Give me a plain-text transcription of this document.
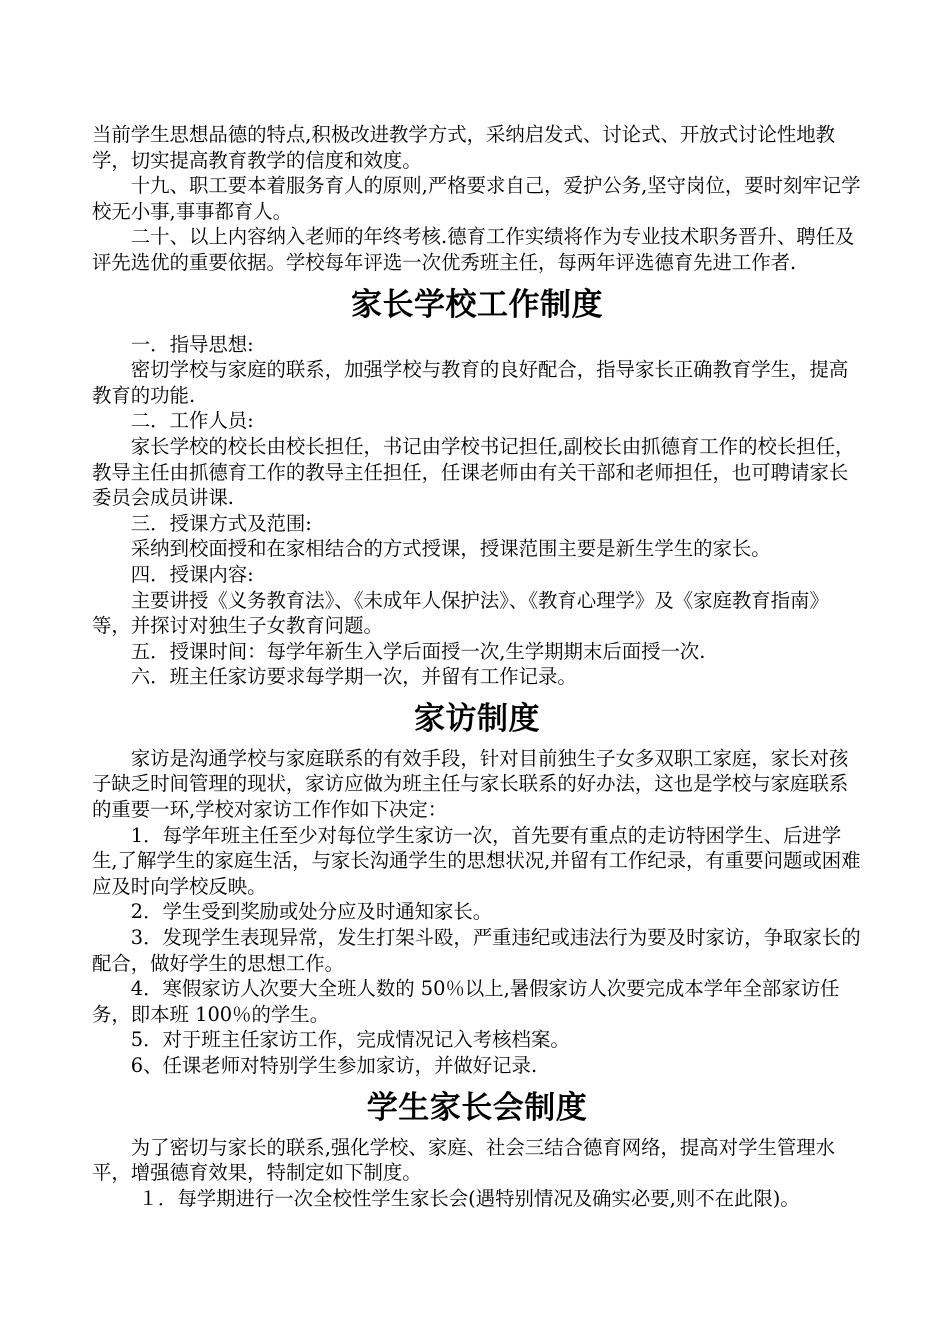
当前学生思想品德的特点,积极改进教学方式，采纳启发式、讨论式、开放式讨论性地教学，切实提高教育教学的信度和效度。

十九、职工要本着服务育人的原则,严格要求自己，爱护公务,坚守岗位，要时刻牢记学校无小事,事事都育人。

二十、以上内容纳入老师的年终考核.德育工作实绩将作为专业技术职务晋升、聘任及评先选优的重要依据。学校每年评选一次优秀班主任，每两年评选德育先进工作者.

家长学校工作制度

一．指导思想:

密切学校与家庭的联系，加强学校与教育的良好配合，指导家长正确教育学生，提高教育的功能.

二．工作人员:

家长学校的校长由校长担任，书记由学校书记担任,副校长由抓德育工作的校长担任，教导主任由抓德育工作的教导主任担任，任课老师由有关干部和老师担任，也可聘请家长委员会成员讲课.

三．授课方式及范围:

采纳到校面授和在家相结合的方式授课，授课范围主要是新生学生的家长。

四．授课内容:

主要讲授《义务教育法》、《未成年人保护法》、《教育心理学》及《家庭教育指南》等，并探讨对独生子女教育问题。

五．授课时间：每学年新生入学后面授一次,生学期期末后面授一次.

六．班主任家访要求每学期一次，并留有工作记录。

家访制度

家访是沟通学校与家庭联系的有效手段，针对目前独生子女多双职工家庭，家长对孩子缺乏时间管理的现状，家访应做为班主任与家长联系的好办法，这也是学校与家庭联系的重要一环,学校对家访工作作如下决定：

1．每学年班主任至少对每位学生家访一次，首先要有重点的走访特困学生、后进学生,了解学生的家庭生活，与家长沟通学生的思想状况,并留有工作纪录，有重要问题或困难应及时向学校反映。

2．学生受到奖励或处分应及时通知家长。

3．发现学生表现异常，发生打架斗殴，严重违纪或违法行为要及时家访，争取家长的配合，做好学生的思想工作。

4．寒假家访人次要大全班人数的 50％以上,暑假家访人次要完成本学年全部家访任务，即本班 100％的学生。

5．对于班主任家访工作，完成情况记入考核档案。

6、任课老师对特别学生参加家访，并做好记录.

学生家长会制度

为了密切与家长的联系,强化学校、家庭、社会三结合德育网络，提高对学生管理水平，增强德育效果，特制定如下制度。

１．每学期进行一次全校性学生家长会(遇特别情况及确实必要,则不在此限)。
